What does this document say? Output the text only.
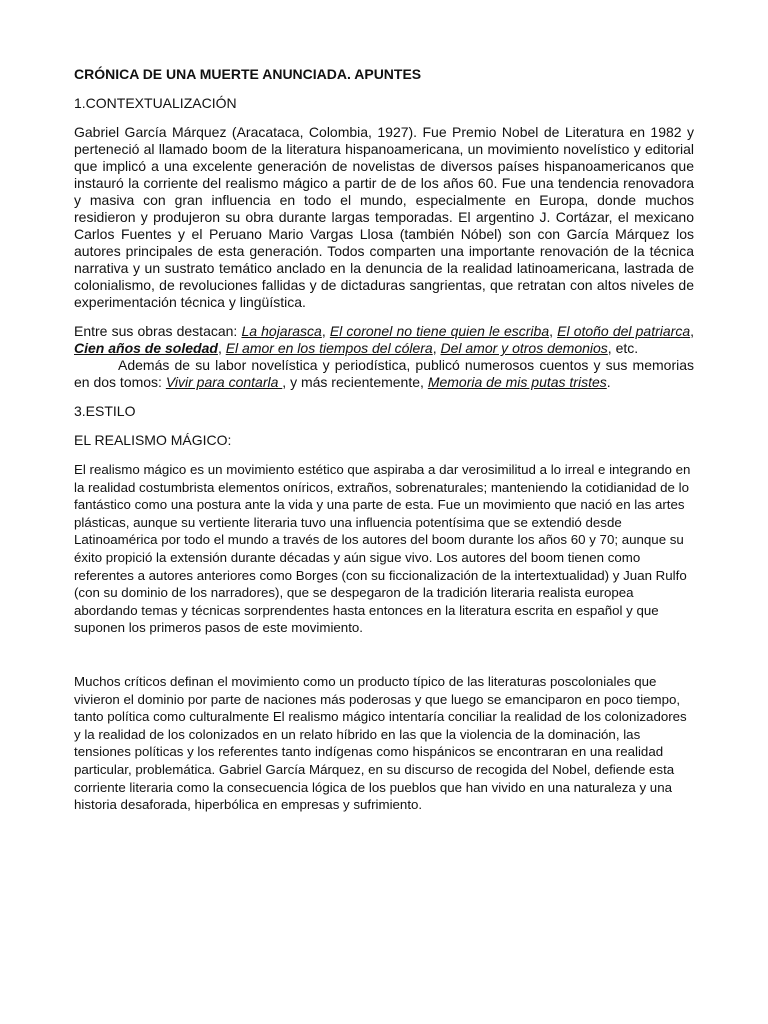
CRÓNICA DE UNA MUERTE ANUNCIADA. APUNTES
1.CONTEXTUALIZACIÓN
Gabriel García Márquez (Aracataca, Colombia, 1927). Fue Premio Nobel de Literatura en 1982 y perteneció al llamado boom de la literatura hispanoamericana, un movimiento novelístico y editorial que implicó a una excelente generación de novelistas de diversos países hispanoamericanos que instauró la corriente del realismo mágico a partir de de los años 60. Fue una tendencia renovadora y masiva con gran influencia en todo el mundo, especialmente en Europa, donde muchos residieron y produjeron su obra durante largas temporadas. El argentino J. Cortázar, el mexicano Carlos Fuentes y el Peruano Mario Vargas Llosa (también Nóbel) son con García Márquez los autores principales de esta generación. Todos comparten una importante renovación de la técnica narrativa y un sustrato temático anclado en la denuncia de la realidad latinoamericana, lastrada de colonialismo, de revoluciones fallidas y de dictaduras sangrientas, que retratan con altos niveles de experimentación técnica y lingüística.
Entre sus obras destacan: La hojarasca, El coronel no tiene quien le escriba, El otoño del patriarca, Cien años de soledad, El amor en los tiempos del cólera, Del amor y otros demonios, etc.
Además de su labor novelística y periodística, publicó numerosos cuentos y sus memorias en dos tomos: Vivir para contarla , y más recientemente, Memoria de mis putas tristes.
3.ESTILO
EL REALISMO MÁGICO:
El realismo mágico es un movimiento estético que aspiraba a dar verosimilitud a lo irreal e integrando en la realidad costumbrista elementos oníricos, extraños, sobrenaturales; manteniendo la cotidianidad de lo fantástico como una postura ante la vida y una parte de esta. Fue un movimiento que nació en las artes plásticas, aunque su vertiente literaria tuvo una influencia potentísima que se extendió desde Latinoamérica por todo el mundo a través de los autores del boom durante los años 60 y 70; aunque su éxito propició la extensión durante décadas y aún sigue vivo. Los autores del boom tienen como referentes a autores anteriores como Borges (con su ficcionalización de la intertextualidad) y Juan Rulfo (con su dominio de los narradores), que se despegaron de la tradición literaria realista europea abordando temas y técnicas sorprendentes hasta entonces en la literatura escrita en español y que suponen los primeros pasos de este movimiento.
Muchos críticos definan el movimiento como un producto típico de las literaturas poscoloniales que vivieron el dominio por parte de naciones más poderosas y que luego se emanciparon en poco tiempo, tanto política como culturalmente El realismo mágico intentaría conciliar la realidad de los colonizadores y la realidad de los colonizados en un relato híbrido en las que la violencia de la dominación, las tensiones políticas y los referentes tanto indígenas como hispánicos se encontraran en una realidad particular, problemática. Gabriel García Márquez, en su discurso de recogida del Nobel, defiende esta corriente literaria como la consecuencia lógica de los pueblos que han vivido en una naturaleza y una historia desaforada, hiperbólica en empresas y sufrimiento.
